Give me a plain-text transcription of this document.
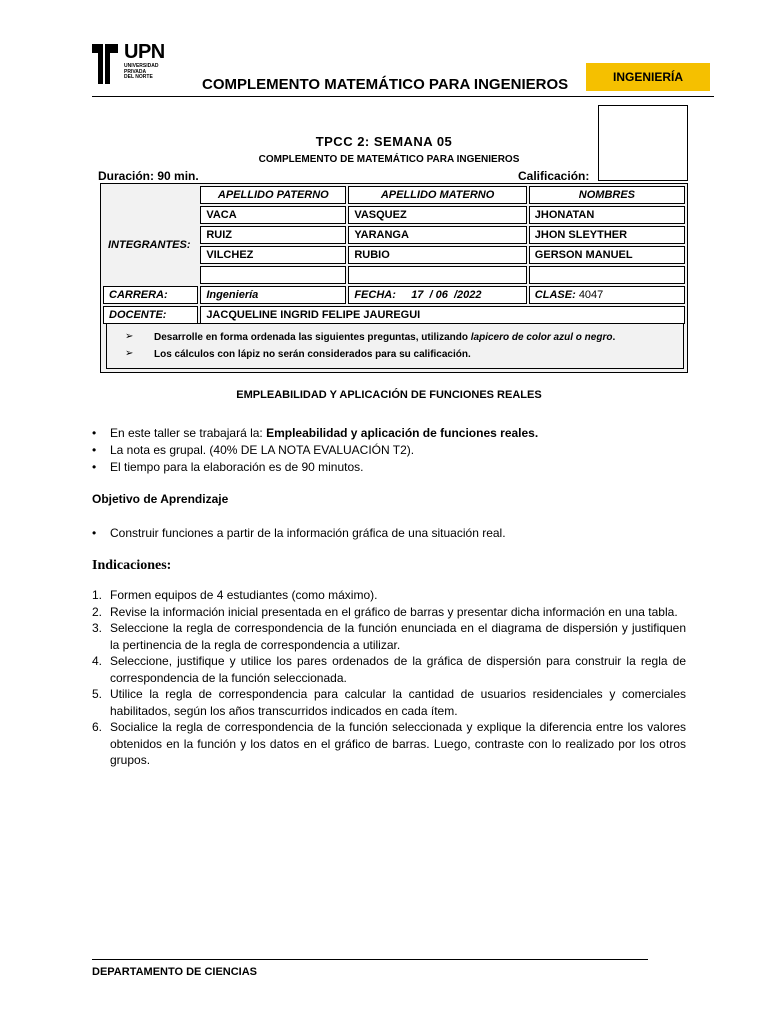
UPN
UNIVERSIDAD
PRIVADA
DEL NORTE	COMPLEMENTO MATEMÁTICO PARA INGENIEROS	INGENIERÍA
TPCC 2: SEMANA 05
COMPLEMENTO DE MATEMÁTICO PARA INGENIEROS
Duración: 90 min.	Calificación:
	APELLIDO PATERNO	APELLIDO MATERNO	NOMBRES
INTEGRANTES:	VACA	VASQUEZ	JHONATAN
	RUIZ	YARANGA	JHON SLEYTHER
	VILCHEZ	RUBIO	GERSON MANUEL

CARRERA:	Ingeniería	FECHA: 17  / 06  /2022	CLASE: 4047
DOCENTE:	JACQUELINE INGRID FELIPE JAUREGUI		
➢ Desarrolle en forma ordenada las siguientes preguntas, utilizando lapicero de color azul o negro.
➢ Los cálculos con lápiz no serán considerados para su calificación.
EMPLEABILIDAD Y APLICACIÓN DE FUNCIONES REALES
• En este taller se trabajará la: Empleabilidad y aplicación de funciones reales.
• La nota es grupal. (40% DE LA NOTA EVALUACIÓN T2).
• El tiempo para la elaboración es de 90 minutos.
Objetivo de Aprendizaje
• Construir funciones a partir de la información gráfica de una situación real.
Indicaciones:
1. Formen equipos de 4 estudiantes (como máximo).
2. Revise la información inicial presentada en el gráfico de barras y presentar dicha información en una tabla.
3. Seleccione la regla de correspondencia de la función enunciada en el diagrama de dispersión y justifiquen la pertinencia de la regla de correspondencia a utilizar.
4. Seleccione, justifique y utilice los pares ordenados de la gráfica de dispersión para construir la regla de correspondencia de la función seleccionada.
5. Utilice la regla de correspondencia para calcular la cantidad de usuarios residenciales y comerciales habilitados, según los años transcurridos indicados en cada ítem.
6. Socialice la regla de correspondencia de la función seleccionada y explique la diferencia entre los valores obtenidos en la función y los datos en el gráfico de barras. Luego, contraste con lo realizado por los otros grupos.
DEPARTAMENTO DE CIENCIAS
